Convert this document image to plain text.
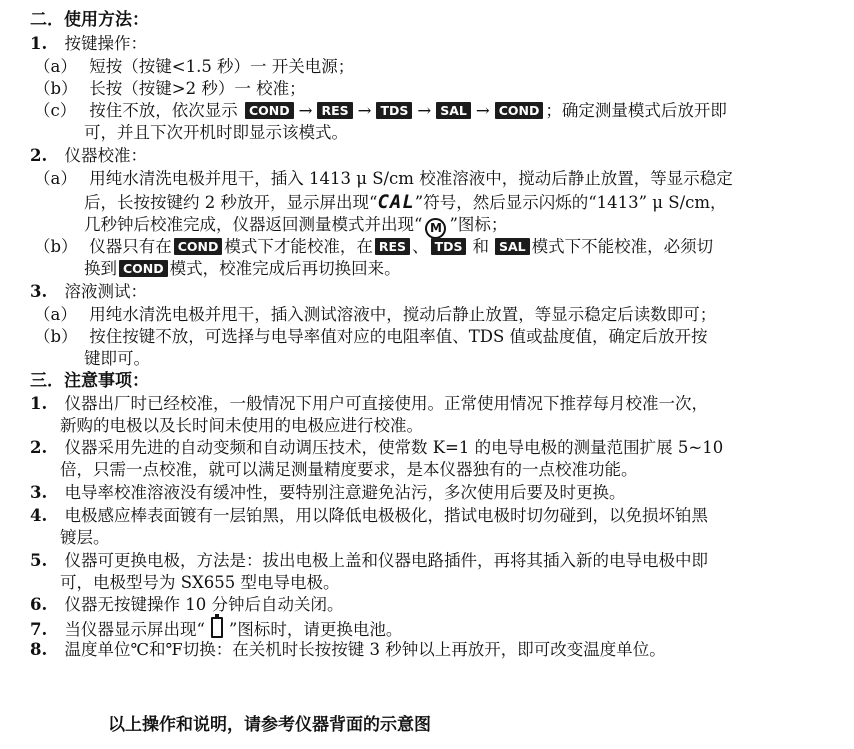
二．使用方法：
1. 按键操作：
（a） 短按（按键<1.5 秒）一 开关电源；
（b） 长按（按键>2 秒）一 校准；
（c） 按住不放，依次显示 COND → RES → TDS → SAL → COND ；确定测量模式后放开即
可，并且下次开机时即显示该模式。
2. 仪器校准：
（a） 用纯水清洗电极并甩干，插入 1413 μ S/cm 校准溶液中，搅动后静止放置，等显示稳定
后，长按按键约 2 秒放开，显示屏出现“CAL”符号，然后显示闪烁的“1413” μ S/cm，
几秒钟后校准完成，仪器返回测量模式并出现“ M ”图标；
（b） 仪器只有在 COND 模式下才能校准，在 RES 、 TDS 和 SAL 模式下不能校准，必须切
换到 COND 模式，校准完成后再切换回来。
3. 溶液测试：
（a） 用纯水清洗电极并甩干，插入测试溶液中，搅动后静止放置，等显示稳定后读数即可；
（b） 按住按键不放，可选择与电导率值对应的电阻率值、TDS 值或盐度值，确定后放开按
键即可。
三．注意事项：
1. 仪器出厂时已经校准，一般情况下用户可直接使用。正常使用情况下推荐每月校准一次，
新购的电极以及长时间未使用的电极应进行校准。
2. 仪器采用先进的自动变频和自动调压技术，使常数 K=1 的电导电极的测量范围扩展 5~10
倍，只需一点校准，就可以满足测量精度要求，是本仪器独有的一点校准功能。
3. 电导率校准溶液没有缓冲性，要特别注意避免沾污，多次使用后要及时更换。
4. 电极感应棒表面镀有一层铂黑，用以降低电极极化，揩试电极时切勿碰到，以免损坏铂黑
镀层。
5. 仪器可更换电极，方法是：拔出电极上盖和仪器电路插件，再将其插入新的电导电极中即
可，电极型号为 SX655 型电导电极。
6. 仪器无按键操作 10 分钟后自动关闭。
7. 当仪器显示屏出现“ ”图标时，请更换电池。
8. 温度单位℃和℉切换：在关机时长按按键 3 秒钟以上再放开，即可改变温度单位。
以上操作和说明，请参考仪器背面的示意图
